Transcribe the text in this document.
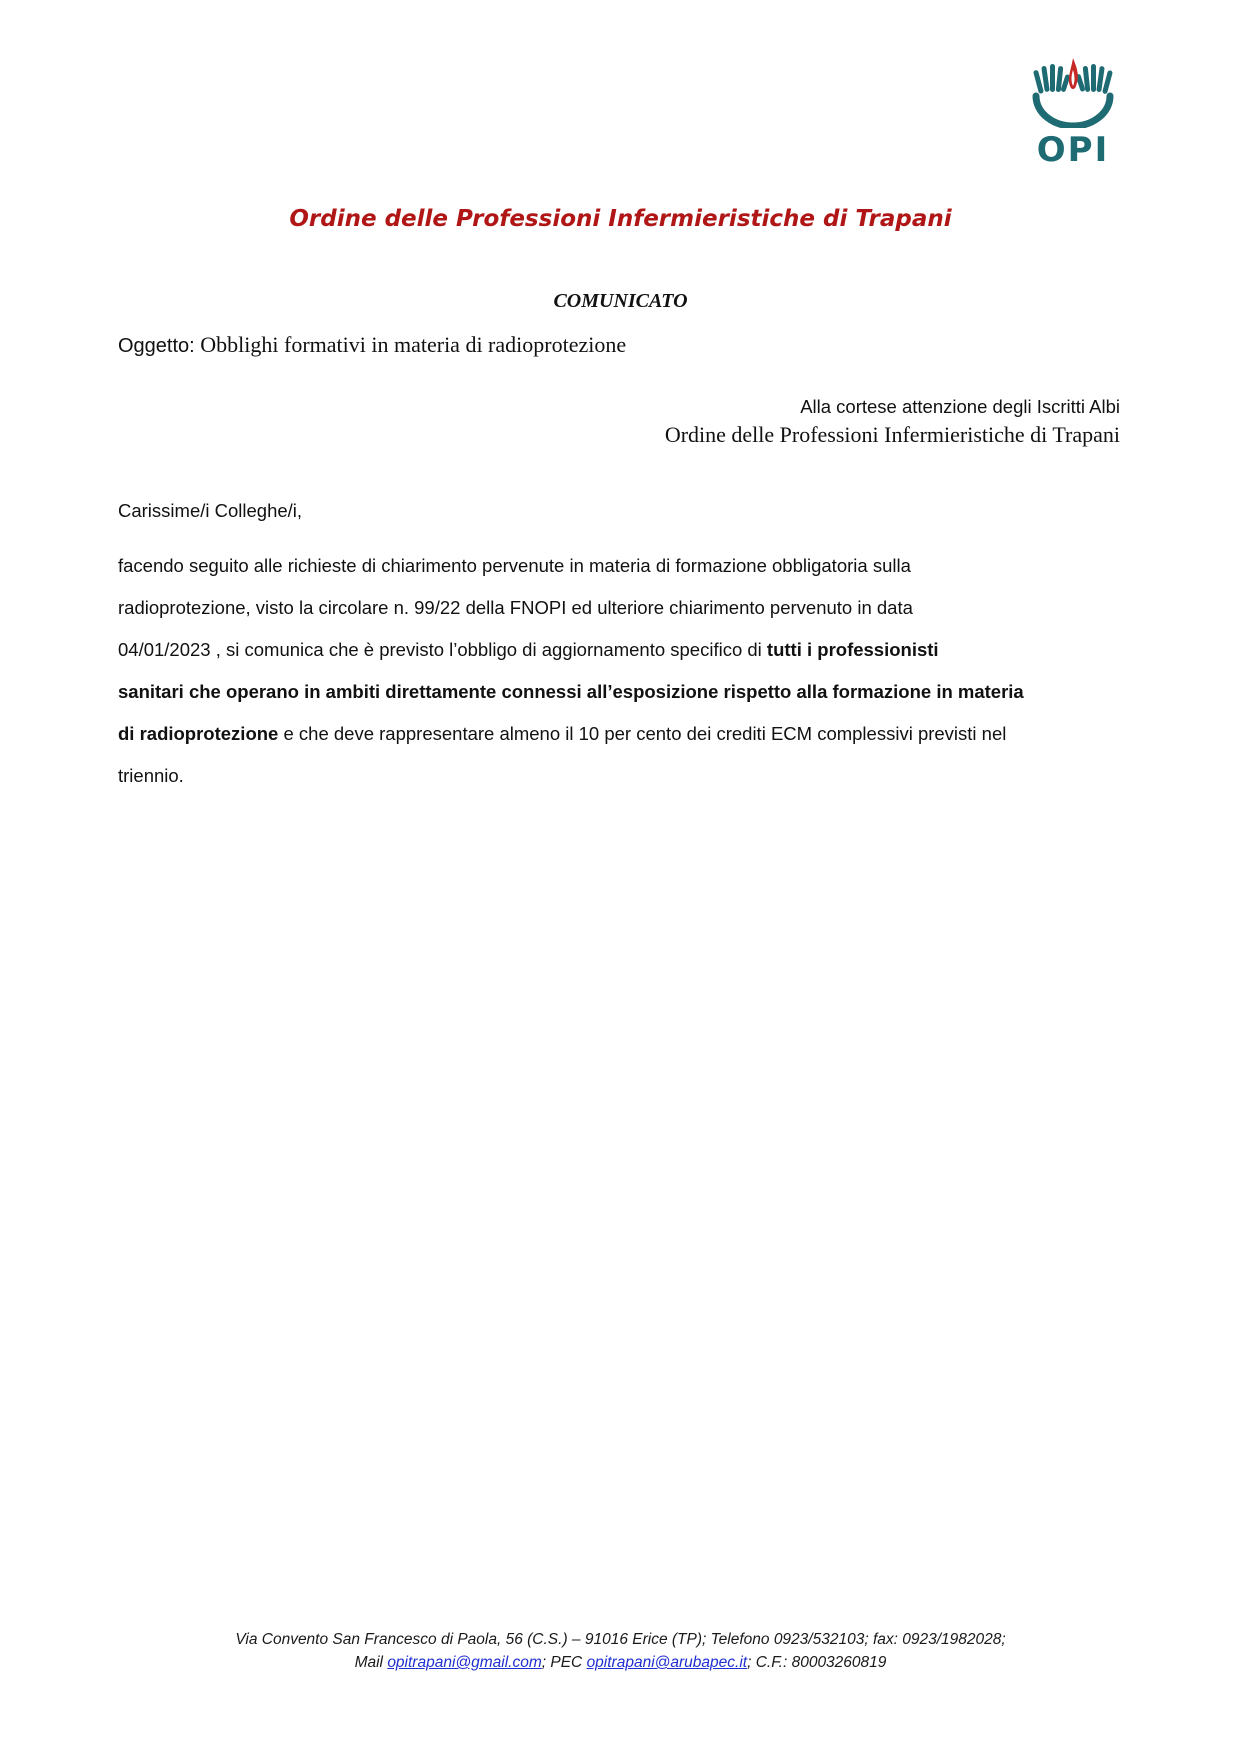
OPI
Ordine delle Professioni Infermieristiche di Trapani
COMUNICATO
Oggetto: Obblighi formativi in materia di radioprotezione
Alla cortese attenzione degli Iscritti Albi
Ordine delle Professioni Infermieristiche di Trapani
Carissime/i Colleghe/i,
facendo seguito alle richieste di chiarimento pervenute in materia di formazione obbligatoria sulla
radioprotezione, visto la circolare n. 99/22 della FNOPI ed ulteriore chiarimento pervenuto in data
04/01/2023 , si comunica che è previsto l’obbligo di aggiornamento specifico di tutti i professionisti
sanitari che operano in ambiti direttamente connessi all’esposizione rispetto alla formazione in materia
di radioprotezione e che deve rappresentare almeno il 10 per cento dei crediti ECM complessivi previsti nel
triennio.
Via Convento San Francesco di Paola, 56 (C.S.) – 91016 Erice (TP); Telefono 0923/532103; fax: 0923/1982028;
Mail opitrapani@gmail.com; PEC opitrapani@arubapec.it; C.F.: 80003260819
